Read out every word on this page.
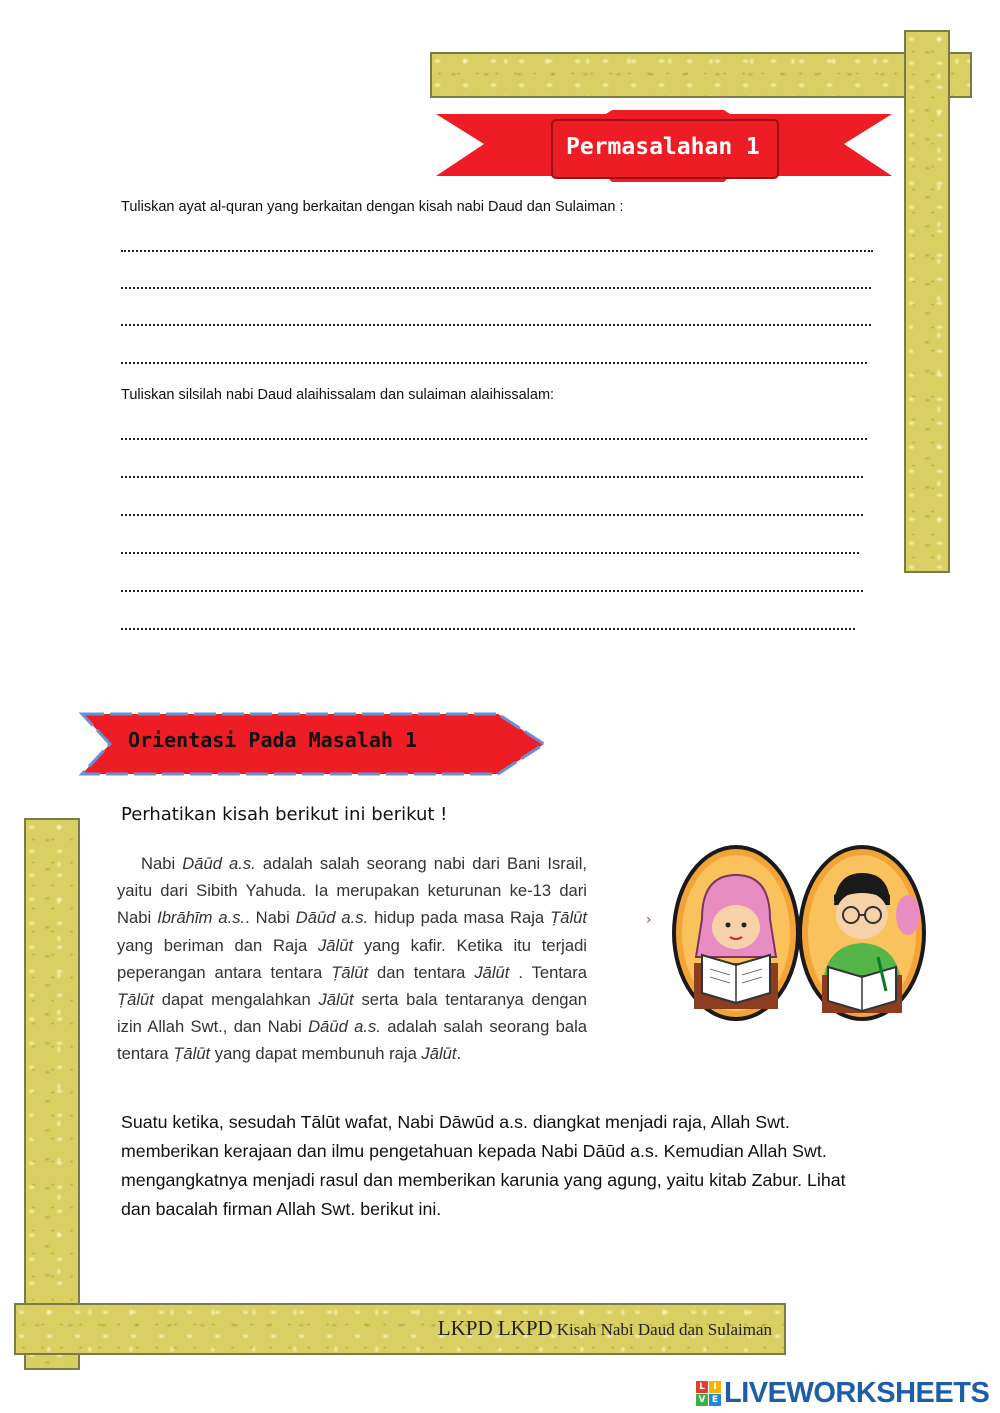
Permasalahan 1
Tuliskan ayat al-quran yang berkaitan dengan kisah nabi Daud dan Sulaiman :
Tuliskan silsilah nabi Daud alaihissalam dan sulaiman alaihissalam:
Orientasi Pada Masalah 1
Perhatikan kisah berikut ini berikut !
Nabi Dāūd a.s. adalah salah seorang nabi dari Bani Israil, yaitu dari Sibith Yahuda. Ia merupakan keturunan ke-13 dari Nabi Ibrāhīm a.s.. Nabi Dāūd a.s. hidup pada masa Raja Ṭālūt yang beriman dan Raja Jālūt yang kafir. Ketika itu terjadi peperangan antara tentara Ṭālūt dan tentara Jālūt . Tentara Ṭālūt dapat mengalahkan Jālūt serta bala tentaranya dengan izin Allah Swt., dan Nabi Dāūd a.s. adalah salah seorang bala tentara Ṭālūt yang dapat membunuh raja Jālūt.
›
Suatu ketika, sesudah Tālūt wafat, Nabi Dāwūd a.s. diangkat menjadi raja, Allah Swt. memberikan kerajaan dan ilmu pengetahuan kepada Nabi Dāūd a.s. Kemudian Allah Swt. mengangkatnya menjadi rasul dan memberikan karunia yang agung, yaitu kitab Zabur. Lihat dan bacalah firman Allah Swt. berikut ini.
LKPD LKPD Kisah Nabi Daud dan Sulaiman
L I
V E LIVEWORKSHEETS
